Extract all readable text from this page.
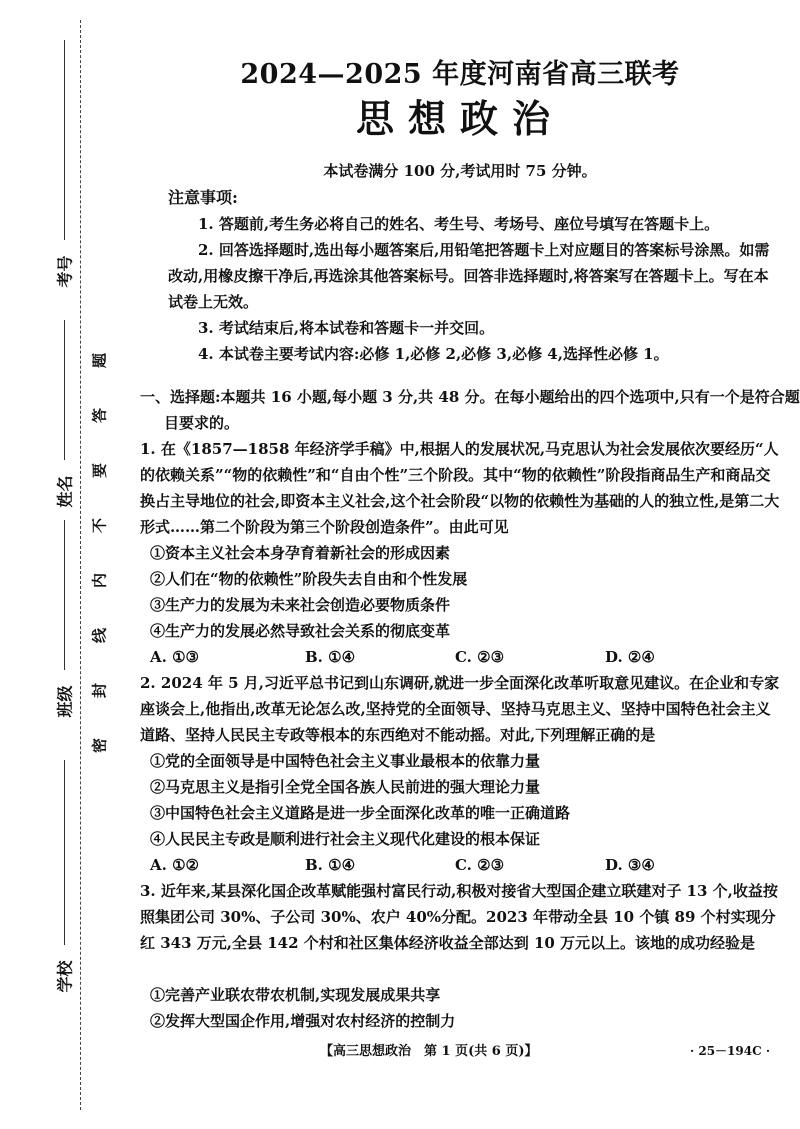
题
答
要
不
内
线
封
密
考号
姓名
班级
学校
2024—2025 年度河南省高三联考
思想政治
本试卷满分 100 分,考试用时 75 分钟。
注意事项:
1. 答题前,考生务必将自己的姓名、考生号、考场号、座位号填写在答题卡上。
2. 回答选择题时,选出每小题答案后,用铅笔把答题卡上对应题目的答案标号涂黑。如需改动,用橡皮擦干净后,再选涂其他答案标号。回答非选择题时,将答案写在答题卡上。写在本试卷上无效。
3. 考试结束后,将本试卷和答题卡一并交回。
4. 本试卷主要考试内容:必修 1,必修 2,必修 3,必修 4,选择性必修 1。
一、选择题:本题共 16 小题,每小题 3 分,共 48 分。在每小题给出的四个选项中,只有一个是符合题目要求的。
1. 在《1857—1858 年经济学手稿》中,根据人的发展状况,马克思认为社会发展依次要经历“人的依赖关系”“物的依赖性”和“自由个性”三个阶段。其中“物的依赖性”阶段指商品生产和商品交换占主导地位的社会,即资本主义社会,这个社会阶段“以物的依赖性为基础的人的独立性,是第二大形式……第二个阶段为第三个阶段创造条件”。由此可见
①资本主义社会本身孕育着新社会的形成因素
②人们在“物的依赖性”阶段失去自由和个性发展
③生产力的发展为未来社会创造必要物质条件
④生产力的发展必然导致社会关系的彻底变革
A. ①③	B. ①④	C. ②③	D. ②④
2. 2024 年 5 月,习近平总书记到山东调研,就进一步全面深化改革听取意见建议。在企业和专家座谈会上,他指出,改革无论怎么改,坚持党的全面领导、坚持马克思主义、坚持中国特色社会主义道路、坚持人民民主专政等根本的东西绝对不能动摇。对此,下列理解正确的是
①党的全面领导是中国特色社会主义事业最根本的依靠力量
②马克思主义是指引全党全国各族人民前进的强大理论力量
③中国特色社会主义道路是进一步全面深化改革的唯一正确道路
④人民民主专政是顺利进行社会主义现代化建设的根本保证
A. ①②	B. ①④	C. ②③	D. ③④
3. 近年来,某县深化国企改革赋能强村富民行动,积极对接省大型国企建立联建对子 13 个,收益按照集团公司 30%、子公司 30%、农户 40%分配。2023 年带动全县 10 个镇 89 个村实现分红 343 万元,全县 142 个村和社区集体经济收益全部达到 10 万元以上。该地的成功经验是
①完善产业联农带农机制,实现发展成果共享
②发挥大型国企作用,增强对农村经济的控制力
【高三思想政治　第 1 页(共 6 页)】	· 25－194C ·
